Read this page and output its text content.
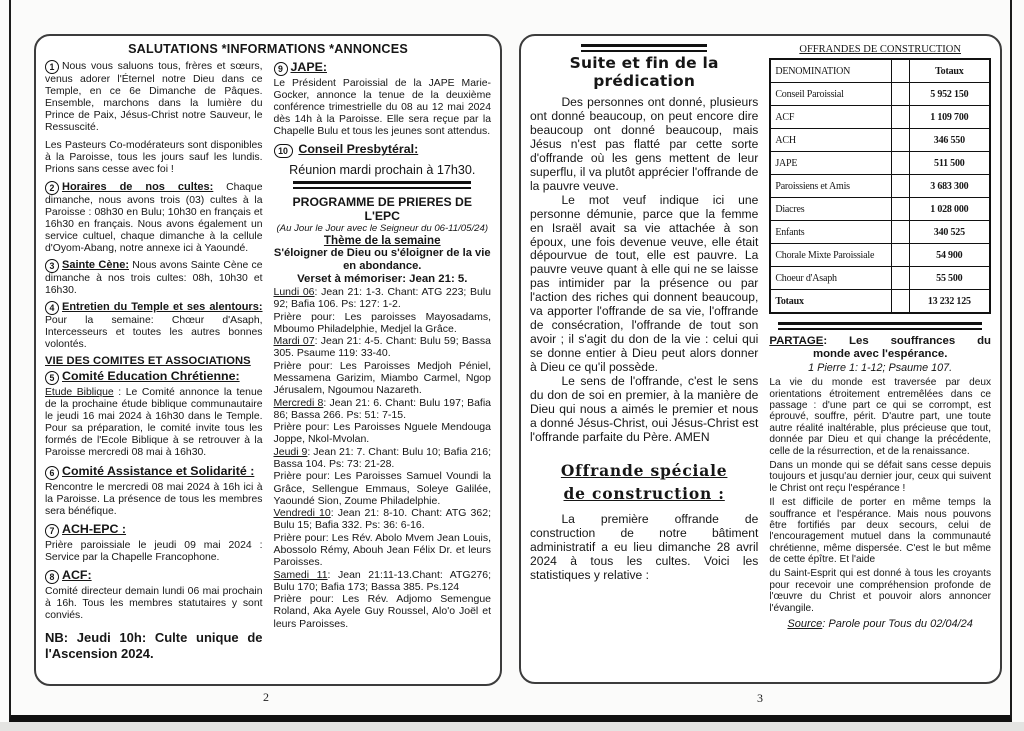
SALUTATIONS *INFORMATIONS *ANNONCES

1 Nous vous saluons tous, frères et sœurs, venus adorer l'Éternel notre Dieu dans ce Temple, en ce 6e Dimanche de Pâques. Ensemble, marchons dans la lumière du Prince de Paix, Jésus-Christ notre Sauveur, le Ressuscité.

Les Pasteurs Co-modérateurs sont disponibles à la Paroisse, tous les jours sauf les lundis. Prions sans cesse avec foi !

2 Horaires de nos cultes: Chaque dimanche, nous avons trois (03) cultes à la Paroisse : 08h30 en Bulu; 10h30 en français et 16h30 en français. Nous avons également un service cultuel, chaque dimanche à la cellule d'Oyom-Abang, notre annexe ici à Yaoundé.

3 Sainte Cène: Nous avons Sainte Cène ce dimanche à nos trois cultes: 08h, 10h30 et 16h30.

4 Entretien du Temple et ses alentours: Pour la semaine: Chœur d'Asaph, Intercesseurs et toutes les autres bonnes volontés.

VIE DES COMITES ET ASSOCIATIONS

5 Comité Education Chrétienne:

Etude Biblique : Le Comité annonce la tenue de la prochaine étude biblique communautaire le jeudi 16 mai 2024 à 16h30 dans le Temple. Pour sa préparation, le comité invite tous les formés de l'Ecole Biblique à se retrouver à la Paroisse mercredi 08 mai à 16h30.

6 Comité Assistance et Solidarité :

Rencontre le mercredi 08 mai 2024 à 16h ici à la Paroisse. La présence de tous les membres sera bénéfique.

7 ACH-EPC :

Prière paroissiale le jeudi 09 mai 2024 : Service par la Chapelle Francophone.

8 ACF:

Comité directeur demain lundi 06 mai prochain à 16h. Tous les membres statutaires y sont conviés.

NB: Jeudi 10h: Culte unique de l'Ascension 2024.

9 JAPE:

Le Président Paroissial de la JAPE Marie-Gocker, annonce la tenue de la deuxième conférence trimestrielle du 08 au 12 mai 2024 dès 14h à la Paroisse. Elle sera reçue par la Chapelle Bulu et tous les jeunes sont attendus.

10 Conseil Presbytéral:

Réunion mardi prochain à 17h30.

PROGRAMME DE PRIERES DE L'EPC

(Au Jour le Jour avec le Seigneur du 06-11/05/24)

Thème de la semaine

S'éloigner de Dieu ou s'éloigner de la vie en abondance.

Verset à mémoriser: Jean 21: 5.

Lundi 06: Jean 21: 1-3. Chant: ATG 223; Bulu 92; Bafia 106. Ps: 127: 1-2.

Prière pour: Les paroisses Mayosadams, Mboumo Philadelphie, Medjel la Grâce.

Mardi 07: Jean 21: 4-5. Chant: Bulu 59; Bassa 305. Psaume 119: 33-40.

Prière pour: Les Paroisses Medjoh Péniel, Messamena Garizim, Miambo Carmel, Ngop Jérusalem, Ngoumou Nazareth.

Mercredi 8: Jean 21: 6. Chant: Bulu 197; Bafia 86; Bassa 266. Ps: 51: 7-15.

Prière pour: Les Paroisses Nguele Mendouga Joppe, Nkol-Mvolan.

Jeudi 9: Jean 21: 7. Chant: Bulu 10; Bafia 216; Bassa 104. Ps: 73: 21-28.

Prière pour: Les Paroisses Samuel Voundi la Grâce, Sellengue Emmaus, Soleye Galilée, Yaoundé Sion, Zoume Philadelphie.

Vendredi 10: Jean 21: 8-10. Chant: ATG 362; Bulu 15; Bafia 332. Ps: 36: 6-16.

Prière pour: Les Rév. Abolo Mvem Jean Louis, Abossolo Rémy, Abouh Jean Félix Dr. et leurs Paroisses.

Samedi 11: Jean 21:11-13.Chant: ATG276; Bulu 170; Bafia 173; Bassa 385. Ps.124

Prière pour: Les Rév. Adjomo Semengue Roland, Aka Ayele Guy Roussel, Alo'o Joël et leurs Paroisses.

2
Suite et fin de la prédication

Des personnes ont donné, plusieurs ont donné beaucoup, on peut encore dire beaucoup ont donné beaucoup, mais Jésus n'est pas flatté par cette sorte d'offrande où les gens mettent de leur superflu, il va plutôt apprécier l'offrande de la pauvre veuve.

Le mot veuf indique ici une personne démunie, parce que la femme en Israël avait sa vie attachée à son époux, une fois devenue veuve, elle était dépourvue de tout, elle est pauvre. La pauvre veuve quant à elle qui ne se laisse pas intimider par la présence ou par l'action des riches qui donnent beaucoup, va apporter l'offrande de sa vie, l'offrande de consécration, l'offrande de tout son avoir ; il s'agit du don de la vie : celui qui se donne entier à Dieu peut alors donner à Dieu ce qu'il possède.

Le sens de l'offrande, c'est le sens du don de soi en premier, à la manière de Dieu qui nous a aimés le premier et nous a donné Jésus-Christ, oui Jésus-Christ est l'offrande parfaite du Père. AMEN

Offrande spéciale
de construction :

La première offrande de construction de notre bâtiment administratif a eu lieu dimanche 28 avril 2024 à tous les cultes. Voici les statistiques y relative :

OFFRANDES DE CONSTRUCTION
DENOMINATION		Totaux
Conseil Paroissial		5 952 150
ACF		1 109 700
ACH		346 550
JAPE		511 500
Paroissiens et Amis		3 683 300
Diacres		1 028 000
Enfants		340 525
Chorale Mixte Paroissiale		54 900
Choeur d'Asaph		55 500
Totaux		13 232 125

PARTAGE: Les souffrances du

monde avec l'espérance.

1 Pierre 1: 1-12; Psaume 107.

La vie du monde est traversée par deux orientations étroitement entremêlées dans ce passage : d'une part ce qui se corrompt, est éprouvé, souffre, périt. D'autre part, une toute autre réalité inaltérable, plus précieuse que tout, donnée par Dieu et qui change la précédente, celle de la résurrection, et de la renaissance.

Dans un monde qui se défait sans cesse depuis toujours et jusqu'au dernier jour, ceux qui suivent le Christ ont reçu l'espérance !

Il est difficile de porter en même temps la souffrance et l'espérance. Mais nous pouvons être fortifiés par deux secours, celui de l'encouragement mutuel dans la communauté chrétienne, même dispersée. C'est le but même de cette épître. Et l'aide

du Saint-Esprit qui est donné à tous les croyants pour recevoir une compréhension profonde de l'œuvre du Christ et pouvoir alors annoncer l'évangile.

Source: Parole pour Tous du 02/04/24

3
